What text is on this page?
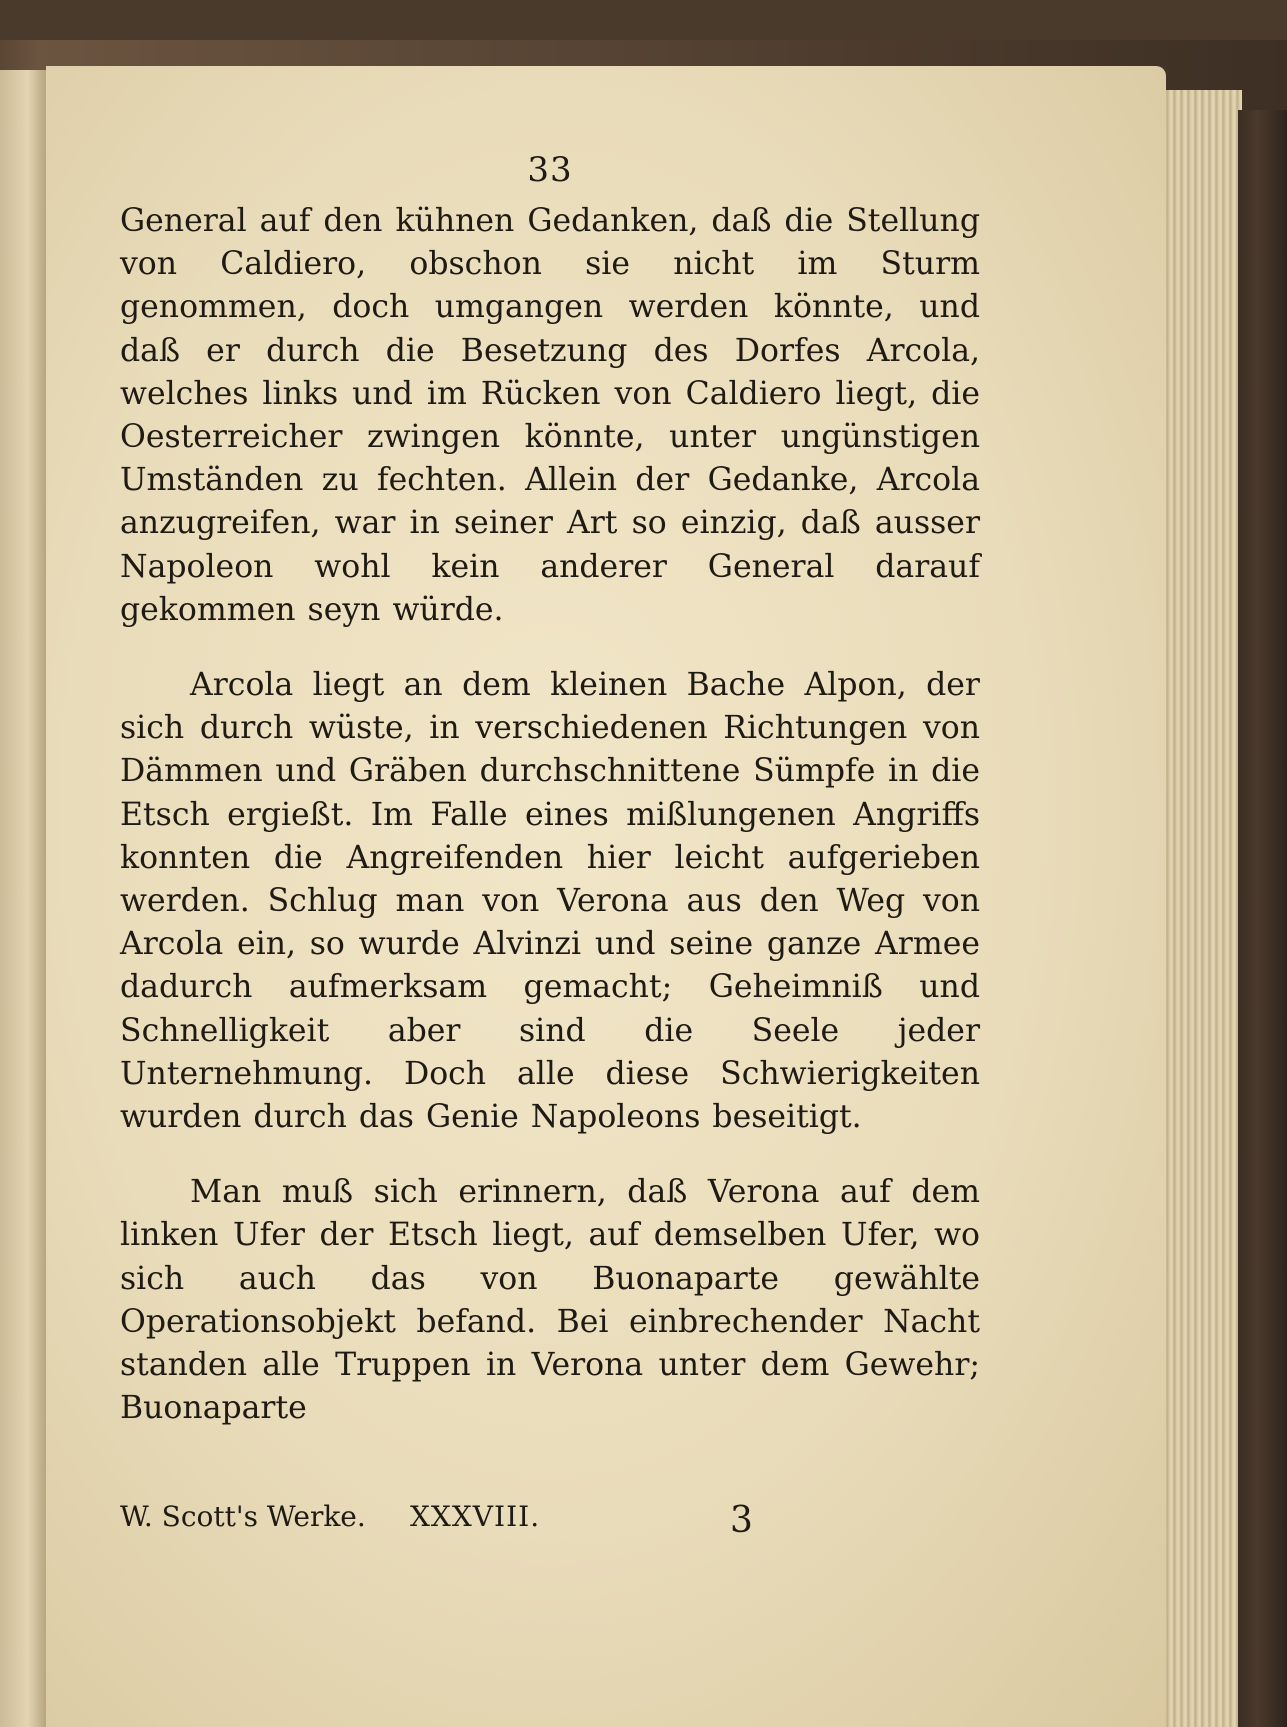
33

General auf den kühnen Gedanken, daß die Stellung von Caldiero, obschon sie nicht im Sturm genommen, doch umgangen werden könnte, und daß er durch die Besetzung des Dorfes Arcola, welches links und im Rücken von Caldiero liegt, die Oesterreicher zwingen könnte, unter ungünstigen Umständen zu fechten. Allein der Gedanke, Arcola anzugreifen, war in seiner Art so einzig, daß ausser Napoleon wohl kein anderer General darauf gekommen seyn würde.

Arcola liegt an dem kleinen Bache Alpon, der sich durch wüste, in verschiedenen Richtungen von Dämmen und Gräben durchschnittene Sümpfe in die Etsch ergießt. Im Falle eines mißlungenen Angriffs konnten die Angreifenden hier leicht aufgerieben werden. Schlug man von Verona aus den Weg von Arcola ein, so wurde Alvinzi und seine ganze Armee dadurch aufmerksam gemacht; Geheimniß und Schnelligkeit aber sind die Seele jeder Unternehmung. Doch alle diese Schwierigkeiten wurden durch das Genie Napoleons beseitigt.

Man muß sich erinnern, daß Verona auf dem linken Ufer der Etsch liegt, auf demselben Ufer, wo sich auch das von Buonaparte gewählte Operationsobjekt befand. Bei einbrechender Nacht standen alle Truppen in Verona unter dem Gewehr; Buonaparte

W. Scott's Werke. XXXVIII.	3
